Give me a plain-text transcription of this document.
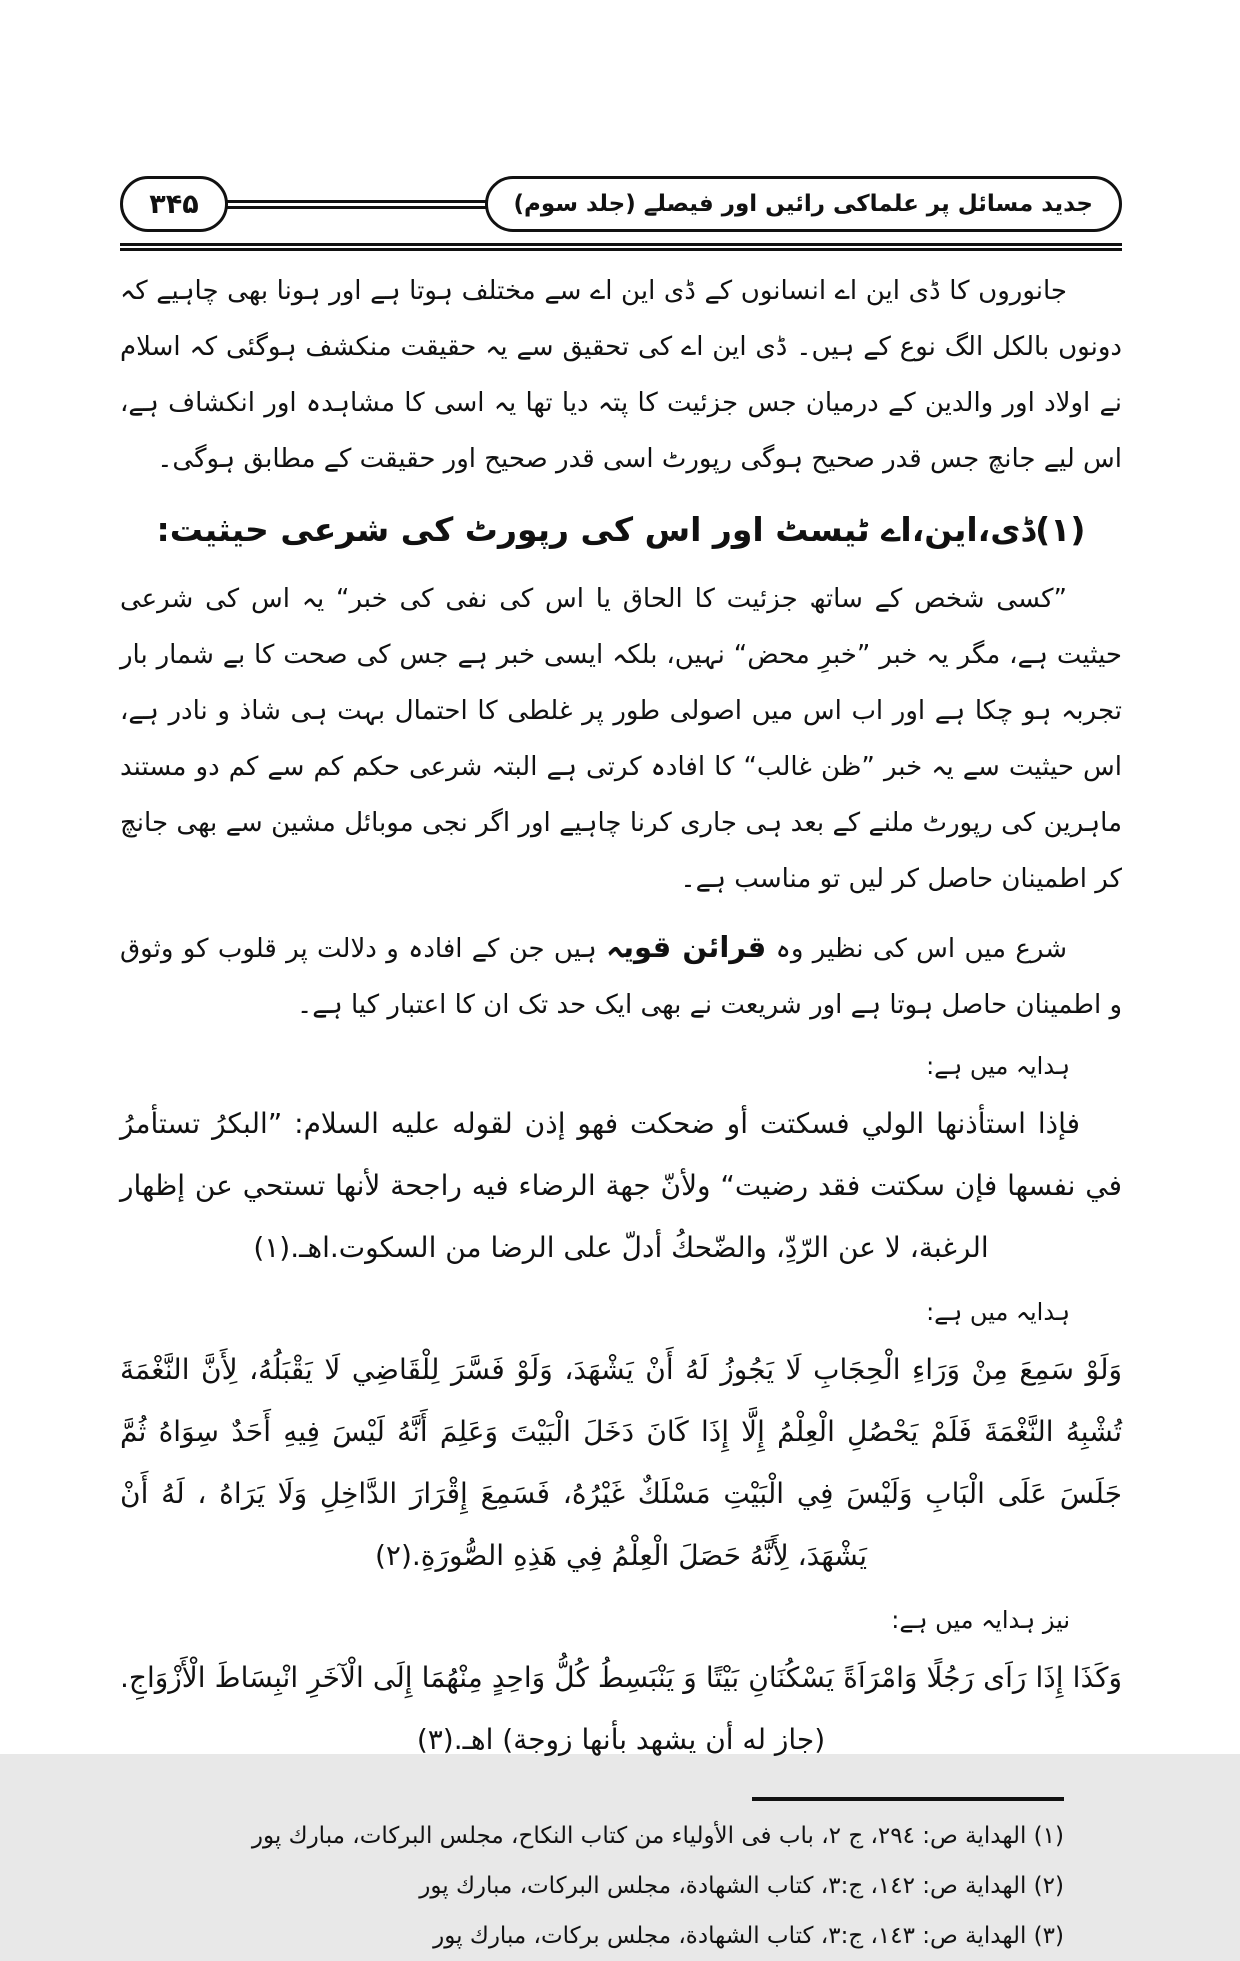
۳۴۵	جدید مسائل پر علماکی رائیں اور فیصلے (جلد سوم)

جانوروں کا ڈی این اے انسانوں کے ڈی این اے سے مختلف ہوتا ہے اور ہونا بھی چاہیے کہ دونوں بالکل الگ نوع کے ہیں۔ ڈی این اے کی تحقیق سے یہ حقیقت منکشف ہوگئی کہ اسلام نے اولاد اور والدین کے درمیان جس جزئیت کا پتہ دیا تھا یہ اسی کا مشاہدہ اور انکشاف ہے، اس لیے جانچ جس قدر صحیح ہوگی رپورٹ اسی قدر صحیح اور حقیقت کے مطابق ہوگی۔

(۱)ڈی،این،اے ٹیسٹ اور اس کی رپورٹ کی شرعی حیثیت:

”کسی شخص کے ساتھ جزئیت کا الحاق یا اس کی نفی کی خبر“ یہ اس کی شرعی حیثیت ہے، مگر یہ خبر ”خبرِ محض“ نہیں، بلکہ ایسی خبر ہے جس کی صحت کا بے شمار بار تجربہ ہو چکا ہے اور اب اس میں اصولی طور پر غلطی کا احتمال بہت ہی شاذ و نادر ہے، اس حیثیت سے یہ خبر ”ظن غالب“ کا افادہ کرتی ہے البتہ شرعی حکم کم سے کم دو مستند ماہرین کی رپورٹ ملنے کے بعد ہی جاری کرنا چاہیے اور اگر نجی موبائل مشین سے بھی جانچ کر اطمینان حاصل کر لیں تو مناسب ہے۔

شرع میں اس کی نظیر وہ قرائن قویہ ہیں جن کے افادہ و دلالت پر قلوب کو وثوق و اطمینان حاصل ہوتا ہے اور شریعت نے بھی ایک حد تک ان کا اعتبار کیا ہے۔

ہدایہ میں ہے:

فإذا استأذنها الولي فسكتت أو ضحكت فهو إذن لقوله عليه السلام: ”البكرُ تستأمرُ في نفسها فإن سكتت فقد رضيت“ ولأنّ جهة الرضاء فيه راجحة لأنها تستحي عن إظهار الرغبة، لا عن الرّدِّ، والضّحكُ أدلّ على الرضا من السكوت.اهـ.(١)

ہدایہ میں ہے:

وَلَوْ سَمِعَ مِنْ وَرَاءِ الْحِجَابِ لَا يَجُوزُ لَهُ أَنْ يَشْهَدَ، وَلَوْ فَسَّرَ لِلْقَاضِي لَا يَقْبَلُهُ، لِأَنَّ النَّغْمَةَ تُشْبِهُ النَّغْمَةَ فَلَمْ يَحْصُلِ الْعِلْمُ إِلَّا إِذَا كَانَ دَخَلَ الْبَيْتَ وَعَلِمَ أَنَّهُ لَيْسَ فِيهِ أَحَدٌ سِوَاهُ ثُمَّ جَلَسَ عَلَى الْبَابِ وَلَيْسَ فِي الْبَيْتِ مَسْلَكٌ غَيْرُهُ، فَسَمِعَ إِقْرَارَ الدَّاخِلِ وَلَا يَرَاهُ ، لَهُ أَنْ يَشْهَدَ، لِأَنَّهُ حَصَلَ الْعِلْمُ فِي هَذِهِ الصُّورَةِ.(٢)

نیز ہدایہ میں ہے:

وَكَذَا إِذَا رَاَى رَجُلًا وَامْرَاَةً يَسْكُنَانِ بَيْتًا وَ يَنْبَسِطُ كُلُّ وَاحِدٍ مِنْهُمَا إِلَى الْآخَرِ انْبِسَاطَ الْأَزْوَاجِ.(جاز له أن يشهد بأنها زوجة) اهـ.(٣)

(١) الهداية ص: ٢٩٤، ج ٢، باب فى الأولياء من كتاب النكاح، مجلس البركات، مبارك پور
(٢) الهداية ص: ١٤٢، ج:٣، كتاب الشهادة، مجلس البركات، مبارك پور
(٣) الهداية ص: ١٤٣، ج:٣، كتاب الشهادة، مجلس بركات، مبارك پور
